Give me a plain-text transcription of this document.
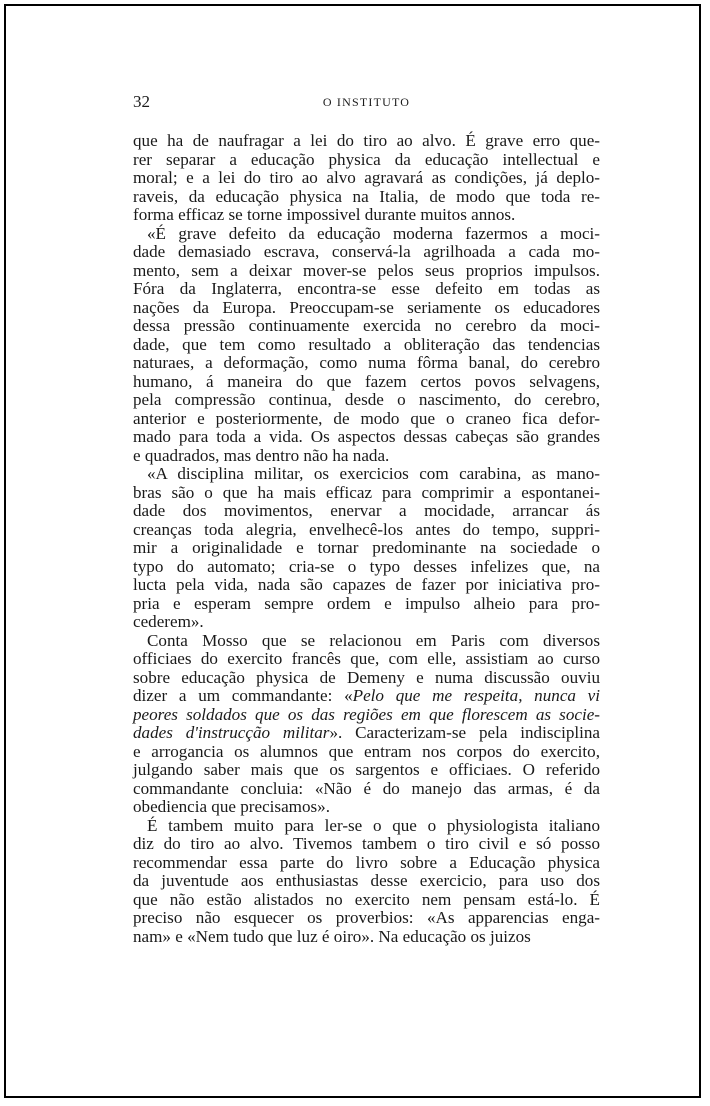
32	O INSTITUTO
que ha de naufragar a lei do tiro ao alvo. É grave erro que-
rer separar a educação physica da educação intellectual e
moral; e a lei do tiro ao alvo agravará as condições, já deplo-
raveis, da educação physica na Italia, de modo que toda re-
forma efficaz se torne impossivel durante muitos annos.
«É grave defeito da educação moderna fazermos a moci-
dade demasiado escrava, conservá-la agrilhoada a cada mo-
mento, sem a deixar mover-se pelos seus proprios impulsos.
Fóra da Inglaterra, encontra-se esse defeito em todas as
nações da Europa. Preoccupam-se seriamente os educadores
dessa pressão continuamente exercida no cerebro da moci-
dade, que tem como resultado a obliteração das tendencias
naturaes, a deformação, como numa fôrma banal, do cerebro
humano, á maneira do que fazem certos povos selvagens,
pela compressão continua, desde o nascimento, do cerebro,
anterior e posteriormente, de modo que o craneo fica defor-
mado para toda a vida. Os aspectos dessas cabeças são grandes
e quadrados, mas dentro não ha nada.
«A disciplina militar, os exercicios com carabina, as mano-
bras são o que ha mais efficaz para comprimir a espontanei-
dade dos movimentos, enervar a mocidade, arrancar ás
creanças toda alegria, envelhecê-los antes do tempo, suppri-
mir a originalidade e tornar predominante na sociedade o
typo do automato; cria-se o typo desses infelizes que, na
lucta pela vida, nada são capazes de fazer por iniciativa pro-
pria e esperam sempre ordem e impulso alheio para pro-
cederem».
Conta Mosso que se relacionou em Paris com diversos
officiaes do exercito francês que, com elle, assistiam ao curso
sobre educação physica de Demeny e numa discussão ouviu
dizer a um commandante: «Pelo que me respeita, nunca vi
peores soldados que os das regiões em que florescem as socie-
dades d'instrucção militar». Caracterizam-se pela indisciplina
e arrogancia os alumnos que entram nos corpos do exercito,
julgando saber mais que os sargentos e officiaes. O referido
commandante concluia: «Não é do manejo das armas, é da
obediencia que precisamos».
É tambem muito para ler-se o que o physiologista italiano
diz do tiro ao alvo. Tivemos tambem o tiro civil e só posso
recommendar essa parte do livro sobre a Educação physica
da juventude aos enthusiastas desse exercicio, para uso dos
que não estão alistados no exercito nem pensam está-lo. É
preciso não esquecer os proverbios: «As apparencias enga-
nam» e «Nem tudo que luz é oiro». Na educação os juizos
